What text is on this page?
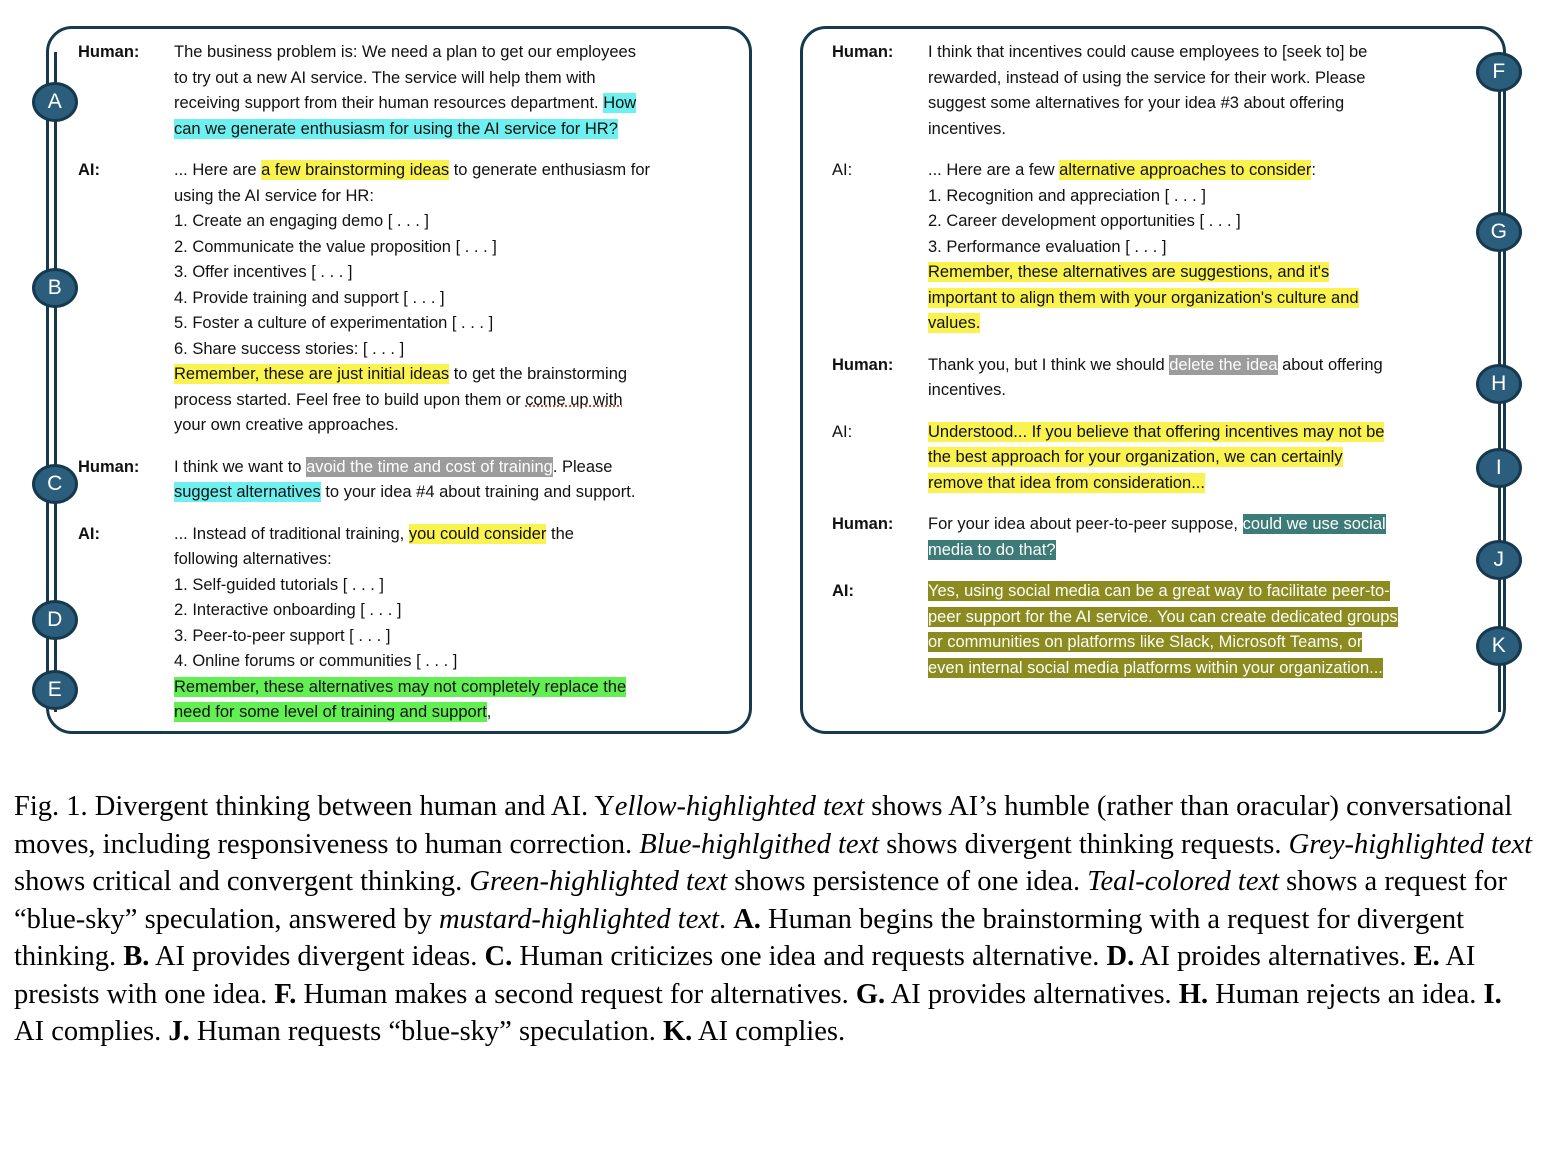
A
B
C
D
E
F
G
H
I
J
K
Human:	The business problem is: We need a plan to get our employees

to try out a new AI service. The service will help them with

receiving support from their human resources department. How

can we generate enthusiasm for using the AI service for HR?

AI:	... Here are a few brainstorming ideas to generate enthusiasm for

using the AI service for HR:

1. Create an engaging demo [ . . . ]

2. Communicate the value proposition [ . . . ]

3. Offer incentives [ . . . ]

4. Provide training and support [ . . . ]

5. Foster a culture of experimentation [ . . . ]

6. Share success stories: [ . . . ]

Remember, these are just initial ideas to get the brainstorming

process started. Feel free to build upon them or come up with

your own creative approaches.

Human:	I think we want to avoid the time and cost of training. Please

suggest alternatives to your idea #4 about training and support.

AI:	... Instead of traditional training, you could consider the

following alternatives:

1. Self-guided tutorials [ . . . ]

2. Interactive onboarding [ . . . ]

3. Peer-to-peer support [ . . . ]

4. Online forums or communities [ . . . ]

Remember, these alternatives may not completely replace the

need for some level of training and support,

Human:	I think that incentives could cause employees to [seek to] be

rewarded, instead of using the service for their work. Please

suggest some alternatives for your idea #3 about offering

incentives.

AI:	... Here are a few alternative approaches to consider:

1. Recognition and appreciation [ . . . ]

2. Career development opportunities [ . . . ]

3. Performance evaluation [ . . . ]

Remember, these alternatives are suggestions, and it's

important to align them with your organization's culture and

values.

Human:	Thank you, but I think we should delete the idea about offering

incentives.

AI:	Understood... If you believe that offering incentives may not be

the best approach for your organization, we can certainly

remove that idea from consideration...

Human:	For your idea about peer-to-peer suppose, could we use social

media to do that?

AI:	Yes, using social media can be a great way to facilitate peer-to-

peer support for the AI service. You can create dedicated groups

or communities on platforms like Slack, Microsoft Teams, or

even internal social media platforms within your organization...

Fig. 1. Divergent thinking between human and AI. Yellow-highlighted text shows AI’s humble (rather than oracular) conversational moves, including responsiveness to human correction. Blue-highlgithed text shows divergent thinking requests. Grey-highlighted text shows critical and convergent thinking. Green-highlighted text shows persistence of one idea. Teal-colored text shows a request for “blue-sky” speculation, answered by mustard-highlighted text. A. Human begins the brainstorming with a request for divergent thinking. B. AI provides divergent ideas. C. Human criticizes one idea and requests alternative. D. AI proides alternatives. E. AI presists with one idea. F. Human makes a second request for alternatives. G. AI provides alternatives. H. Human rejects an idea. I. AI complies. J. Human requests “blue-sky” speculation. K. AI complies.
